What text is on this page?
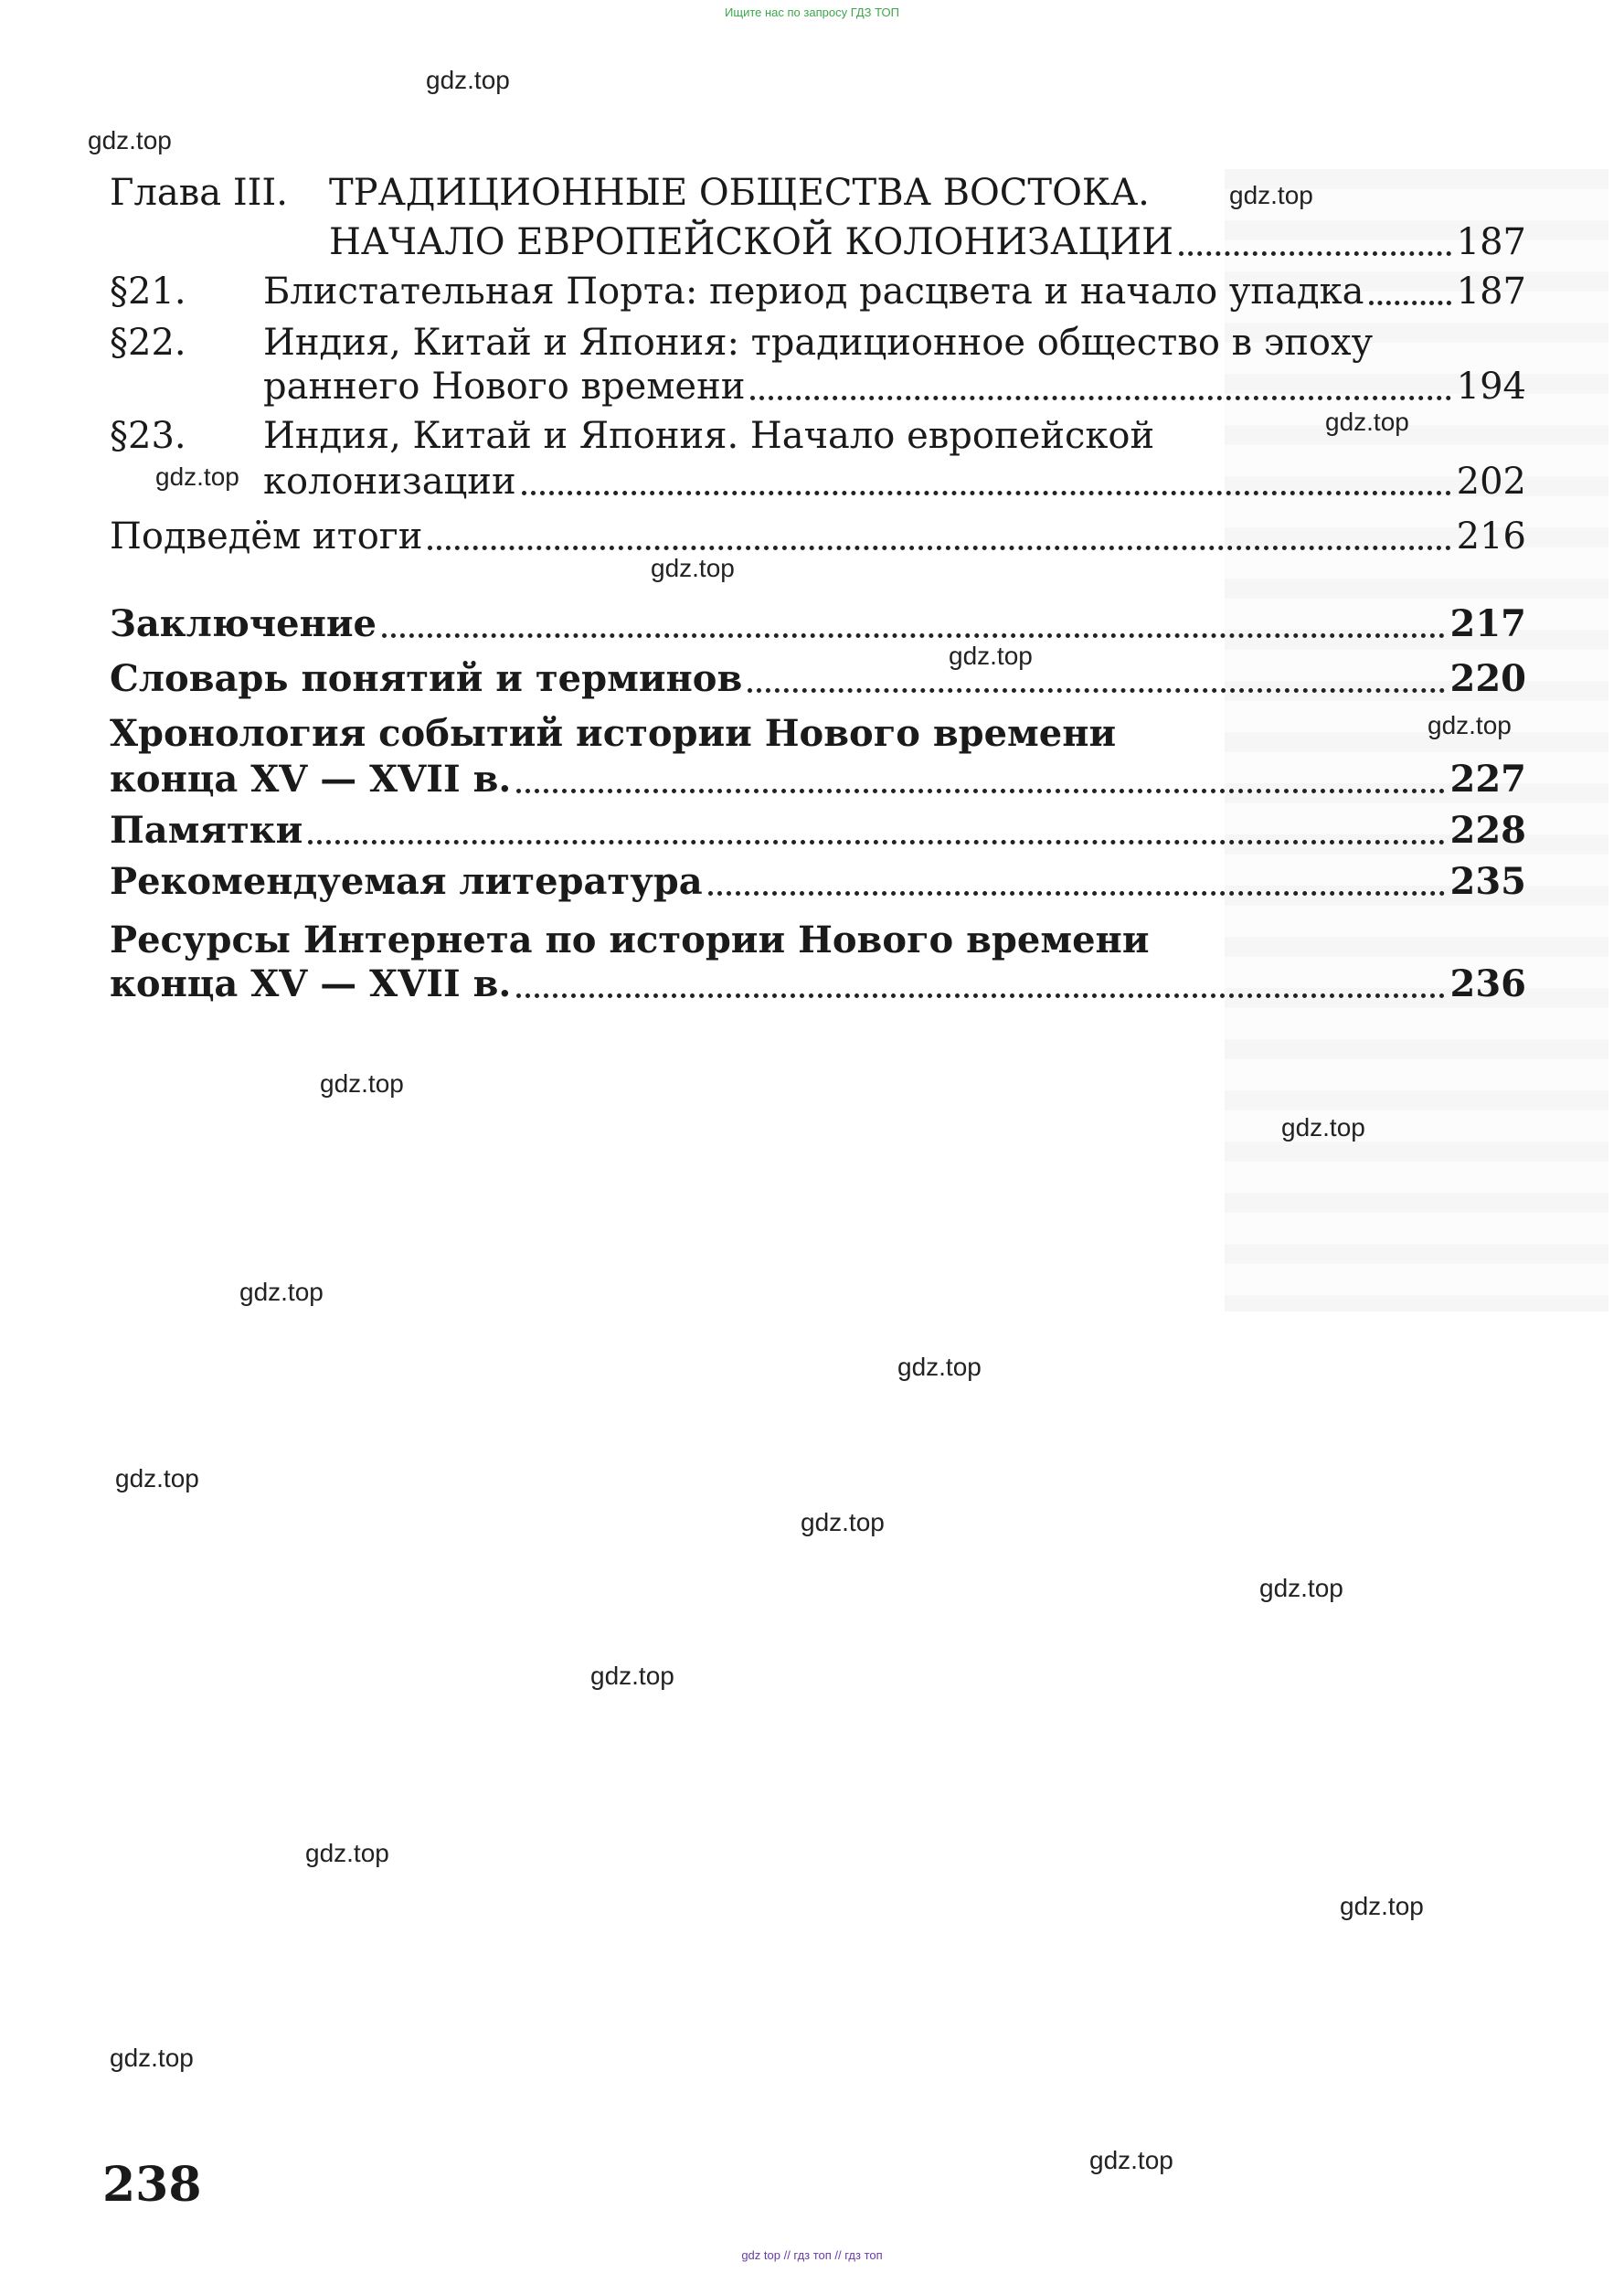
Ищите нас по запросу ГДЗ ТОП
Глава III.	ТРАДИЦИОННЫЕ ОБЩЕСТВА ВОСТОКА.
НАЧАЛО ЕВРОПЕЙСКОЙ КОЛОНИЗАЦИИ	187
§21.	Блистательная Порта: период расцвета и начало упадка	187
§22.	Индия, Китай и Япония: традиционное общество в эпоху
раннего Нового времени	194
§23.	Индия, Китай и Япония. Начало европейской
колонизации	202
Подведём итоги	216
Заключение	217
Словарь понятий и терминов	220
Хронология событий истории Нового времени
конца XV — XVII в.	227
Памятки	228
Рекомендуемая литература	235
Ресурсы Интернета по истории Нового времени
конца XV — XVII в.	236
238
gdz.top
gdz.top
gdz.top
gdz.top
gdz.top
gdz.top
gdz.top
gdz.top
gdz.top
gdz.top
gdz.top
gdz.top
gdz.top
gdz.top
gdz.top
gdz.top
gdz.top
gdz.top
gdz.top
gdz.top
gdz top // гдз топ // гдз топ
